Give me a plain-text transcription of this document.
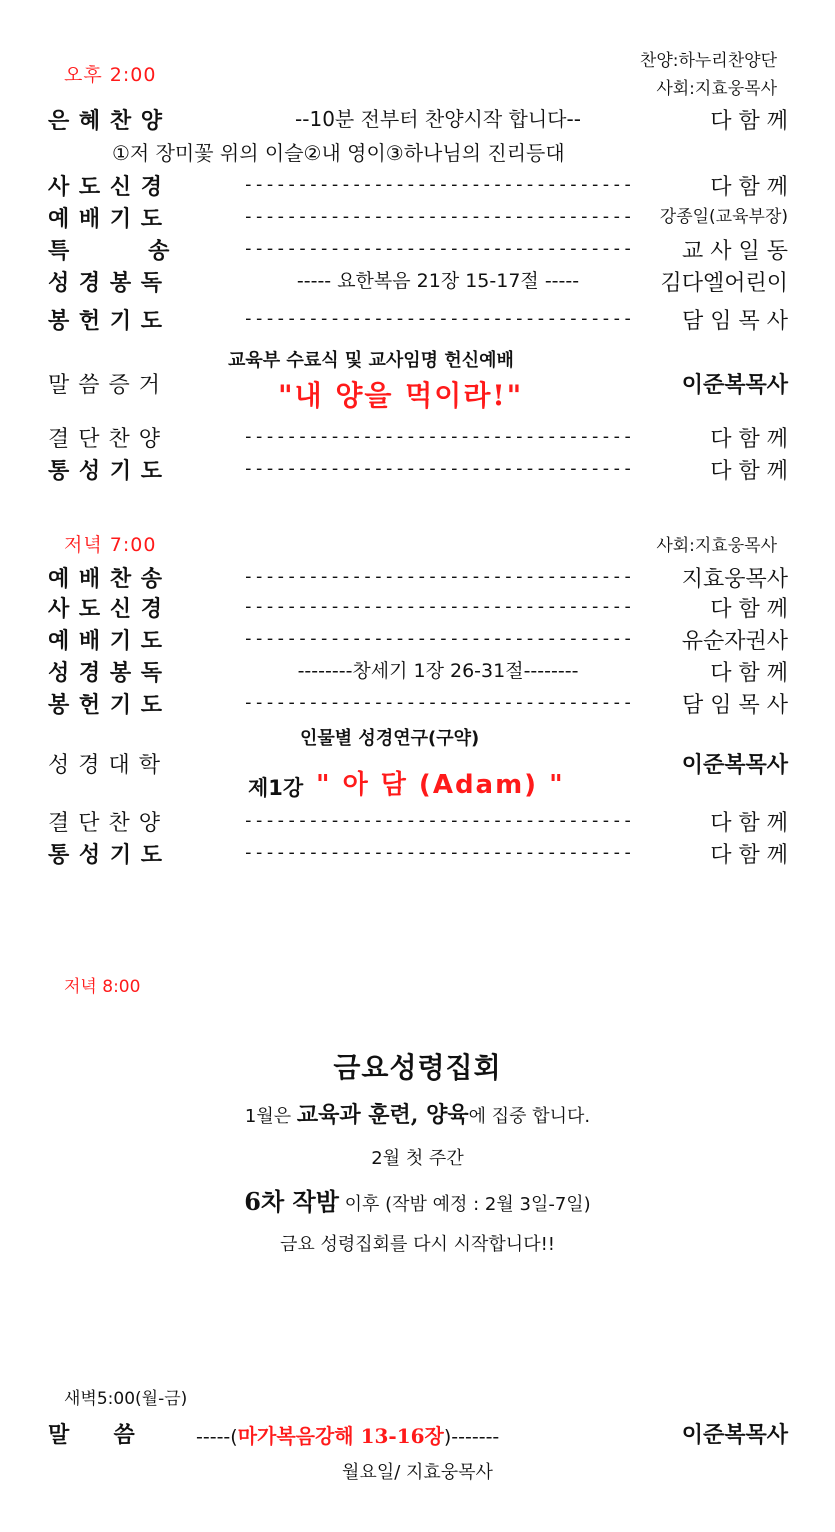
오후 2:00
찬양:하누리찬양단
사회:지효웅목사
은 혜 찬 양	--10분 전부터 찬양시작 합니다--	다 함 께
①저 장미꽃 위의 이슬②내 영이③하나님의 진리등대
사 도 신 경	------------------------------------	다 함 께
예 배 기 도	------------------------------------	강종일(교육부장)
특         송	------------------------------------	교 사 일 동
성 경 봉 독	----- 요한복음 21장 15-17절 -----	김다엘어린이
봉 헌 기 도	------------------------------------	담 임 목 사
말 씀 증 거	이준복목사
교육부 수료식 및 교사임명 헌신예배
"내 양을 먹이라!"
결 단 찬 양	------------------------------------	다 함 께
통 성 기 도	------------------------------------	다 함 께
저녁 7:00	사회:지효웅목사
예 배 찬 송	------------------------------------	지효웅목사
사 도 신 경	------------------------------------	다 함 께
예 배 기 도	------------------------------------	유순자권사
성 경 봉 독	--------창세기 1장 26-31절--------	다 함 께
봉 헌 기 도	------------------------------------	담 임 목 사
성 경 대 학	이준복목사
인물별 성경연구(구약)
제1강 " 아 담 (Adam) "
결 단 찬 양	------------------------------------	다 함 께
통 성 기 도	------------------------------------	다 함 께
저녁 8:00
금요성령집회
1월은 교육과 훈련, 양육에 집중 합니다.
2월 첫 주간
6차 작밤 이후 (작밤 예정 : 2월 3일-7일)
금요 성령집회를 다시 시작합니다!!
새벽5:00(월-금)
말     씀	-----(마가복음강해 13-16장)-------	이준복목사
월요일/ 지효웅목사
